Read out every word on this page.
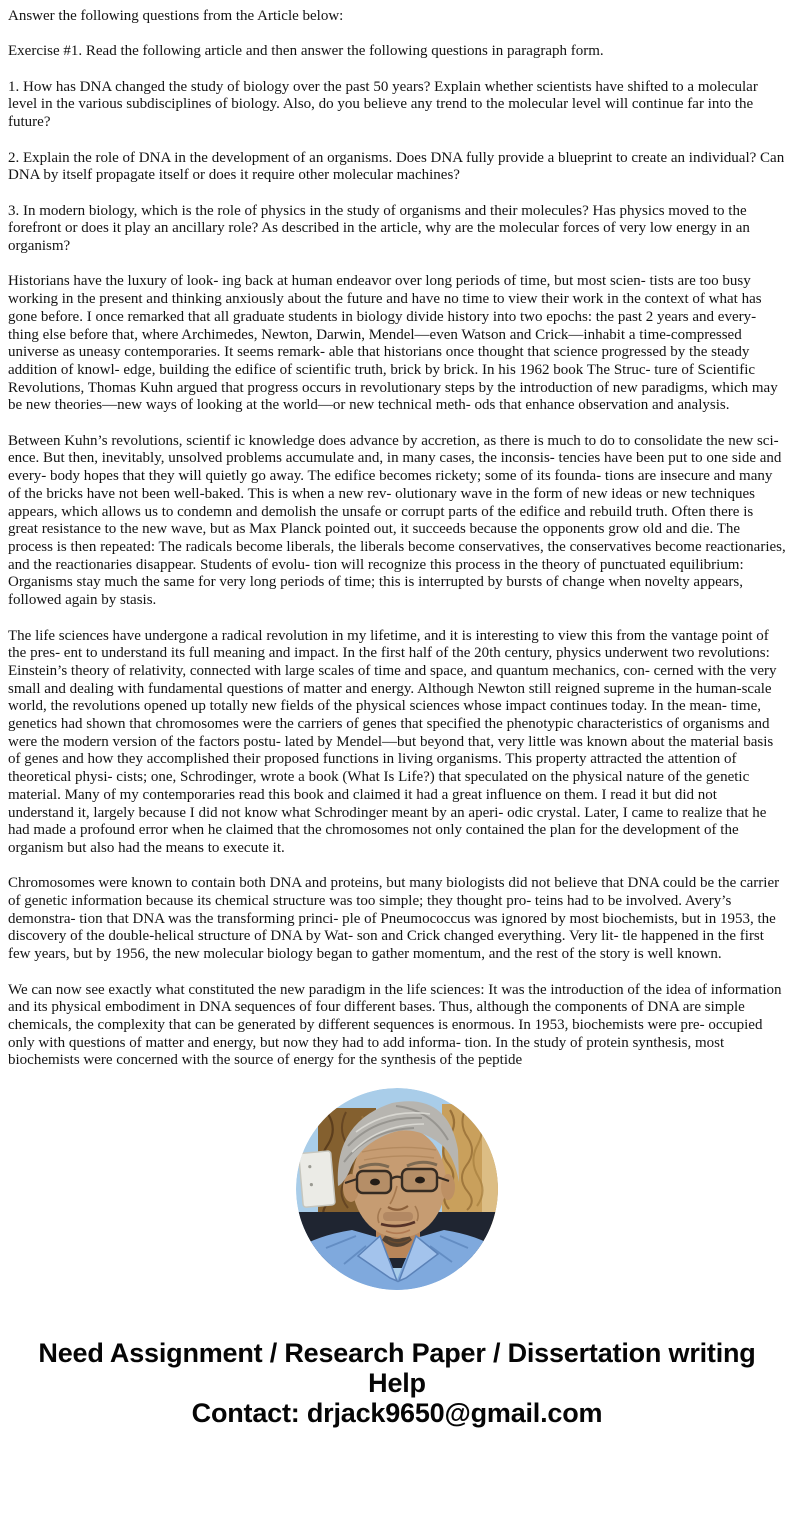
Answer the following questions from the Article below:

Exercise #1. Read the following article and then answer the following questions in paragraph form.

1. How has DNA changed the study of biology over the past 50 years? Explain whether scientists have shifted to a molecular level in the various subdisciplines of biology. Also, do you believe any trend to the molecular level will continue far into the future?

2. Explain the role of DNA in the development of an organisms. Does DNA fully provide a blueprint to create an individual? Can DNA by itself propagate itself or does it require other molecular machines?

3. In modern biology, which is the role of physics in the study of organisms and their molecules? Has physics moved to the forefront or does it play an ancillary role? As described in the article, why are the molecular forces of very low energy in an organism?

Historians have the luxury of look- ing back at human endeavor over long periods of time, but most scien- tists are too busy working in the present and thinking anxiously about the future and have no time to view their work in the context of what has gone before. I once remarked that all graduate students in biology divide history into two epochs: the past 2 years and every- thing else before that, where Archimedes, Newton, Darwin, Mendel—even Watson and Crick—inhabit a time-compressed universe as uneasy contemporaries. It seems remark- able that historians once thought that science progressed by the steady addition of knowl- edge, building the edifice of scientific truth, brick by brick. In his 1962 book The Struc- ture of Scientific Revolutions, Thomas Kuhn argued that progress occurs in revolutionary steps by the introduction of new paradigms, which may be new theories—new ways of looking at the world—or new technical meth- ods that enhance observation and analysis.

Between Kuhn’s revolutions, scientif ic knowledge does advance by accretion, as there is much to do to consolidate the new sci- ence. But then, inevitably, unsolved problems accumulate and, in many cases, the inconsis- tencies have been put to one side and every- body hopes that they will quietly go away. The edifice becomes rickety; some of its founda- tions are insecure and many of the bricks have not been well-baked. This is when a new rev- olutionary wave in the form of new ideas or new techniques appears, which allows us to condemn and demolish the unsafe or corrupt parts of the edifice and rebuild truth. Often there is great resistance to the new wave, but as Max Planck pointed out, it succeeds because the opponents grow old and die. The process is then repeated: The radicals become liberals, the liberals become conservatives, the conservatives become reactionaries, and the reactionaries disappear. Students of evolu- tion will recognize this process in the theory of punctuated equilibrium: Organisms stay much the same for very long periods of time; this is interrupted by bursts of change when novelty appears, followed again by stasis.

The life sciences have undergone a radical revolution in my lifetime, and it is interesting to view this from the vantage point of the pres- ent to understand its full meaning and impact. In the first half of the 20th century, physics underwent two revolutions: Einstein’s theory of relativity, connected with large scales of time and space, and quantum mechanics, con- cerned with the very small and dealing with fundamental questions of matter and energy. Although Newton still reigned supreme in the human-scale world, the revolutions opened up totally new fields of the physical sciences whose impact continues today. In the mean- time, genetics had shown that chromosomes were the carriers of genes that specified the phenotypic characteristics of organisms and were the modern version of the factors postu- lated by Mendel—but beyond that, very little was known about the material basis of genes and how they accomplished their proposed functions in living organisms. This property attracted the attention of theoretical physi- cists; one, Schrodinger, wrote a book (What Is Life?) that speculated on the physical nature of the genetic material. Many of my contemporaries read this book and claimed it had a great influence on them. I read it but did not understand it, largely because I did not know what Schrodinger meant by an aperi- odic crystal. Later, I came to realize that he had made a profound error when he claimed that the chromosomes not only contained the plan for the development of the organism but also had the means to execute it.

Chromosomes were known to contain both DNA and proteins, but many biologists did not believe that DNA could be the carrier of genetic information because its chemical structure was too simple; they thought pro- teins had to be involved. Avery’s demonstra- tion that DNA was the transforming princi- ple of Pneumococcus was ignored by most biochemists, but in 1953, the discovery of the double-helical structure of DNA by Wat- son and Crick changed everything. Very lit- tle happened in the first few years, but by 1956, the new molecular biology began to gather momentum, and the rest of the story is well known.

We can now see exactly what constituted the new paradigm in the life sciences: It was the introduction of the idea of information and its physical embodiment in DNA sequences of four different bases. Thus, although the components of DNA are simple chemicals, the complexity that can be generated by different sequences is enormous. In 1953, biochemists were pre- occupied only with questions of matter and energy, but now they had to add informa- tion. In the study of protein synthesis, most biochemists were concerned with the source of energy for the synthesis of the peptide

Need Assignment / Research Paper / Dissertation writing Help
Contact: drjack9650@gmail.com
